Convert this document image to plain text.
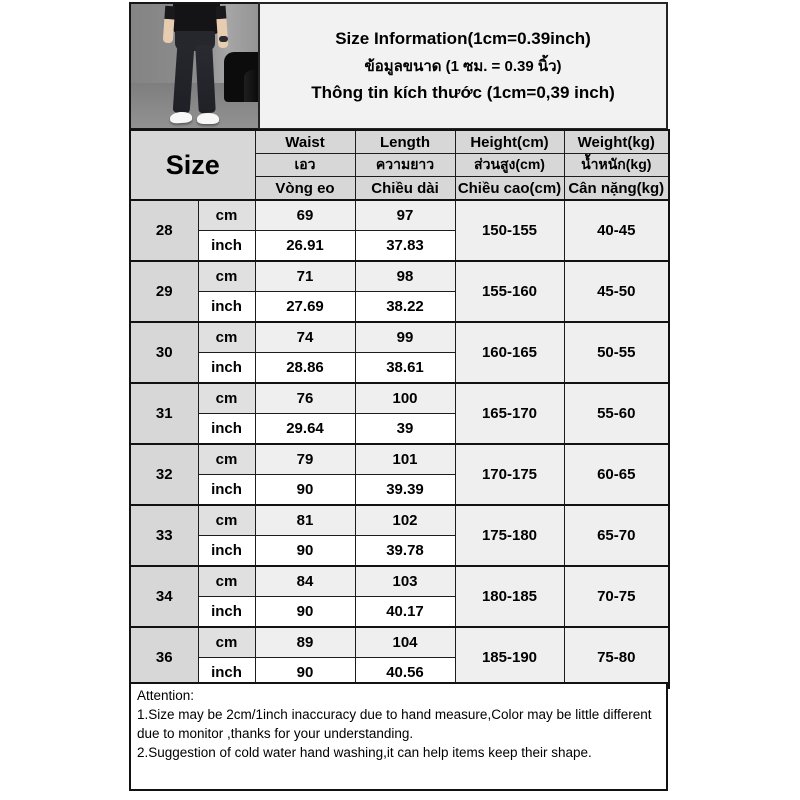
Size Information(1cm=0.39inch)
ข้อมูลขนาด (1 ซม. = 0.39 นิ้ว)
Thông tin kích thước (1cm=0,39 inch)
Size		Waist	Length	Height(cm)	Weight(kg)
		เอว	ความยาว	ส่วนสูง(cm)	น้ำหนัก(kg)
		Vòng eo	Chiều dài	Chiều cao(cm)	Cân nặng(kg)
28	cm	69	97	150-155	40-45
	inch	26.91	37.83		
29	cm	71	98	155-160	45-50
	inch	27.69	38.22		
30	cm	74	99	160-165	50-55
	inch	28.86	38.61		
31	cm	76	100	165-170	55-60
	inch	29.64	39		
32	cm	79	101	170-175	60-65
	inch	90	39.39		
33	cm	81	102	175-180	65-70
	inch	90	39.78		
34	cm	84	103	180-185	70-75
	inch	90	40.17		
36	cm	89	104	185-190	75-80
	inch	90	40.56		

Attention:

1.Size may be 2cm/1inch inaccuracy due to hand measure,Color may be little different due to monitor ,thanks for your understanding.

2.Suggestion of cold water hand washing,it can help items keep their shape.
